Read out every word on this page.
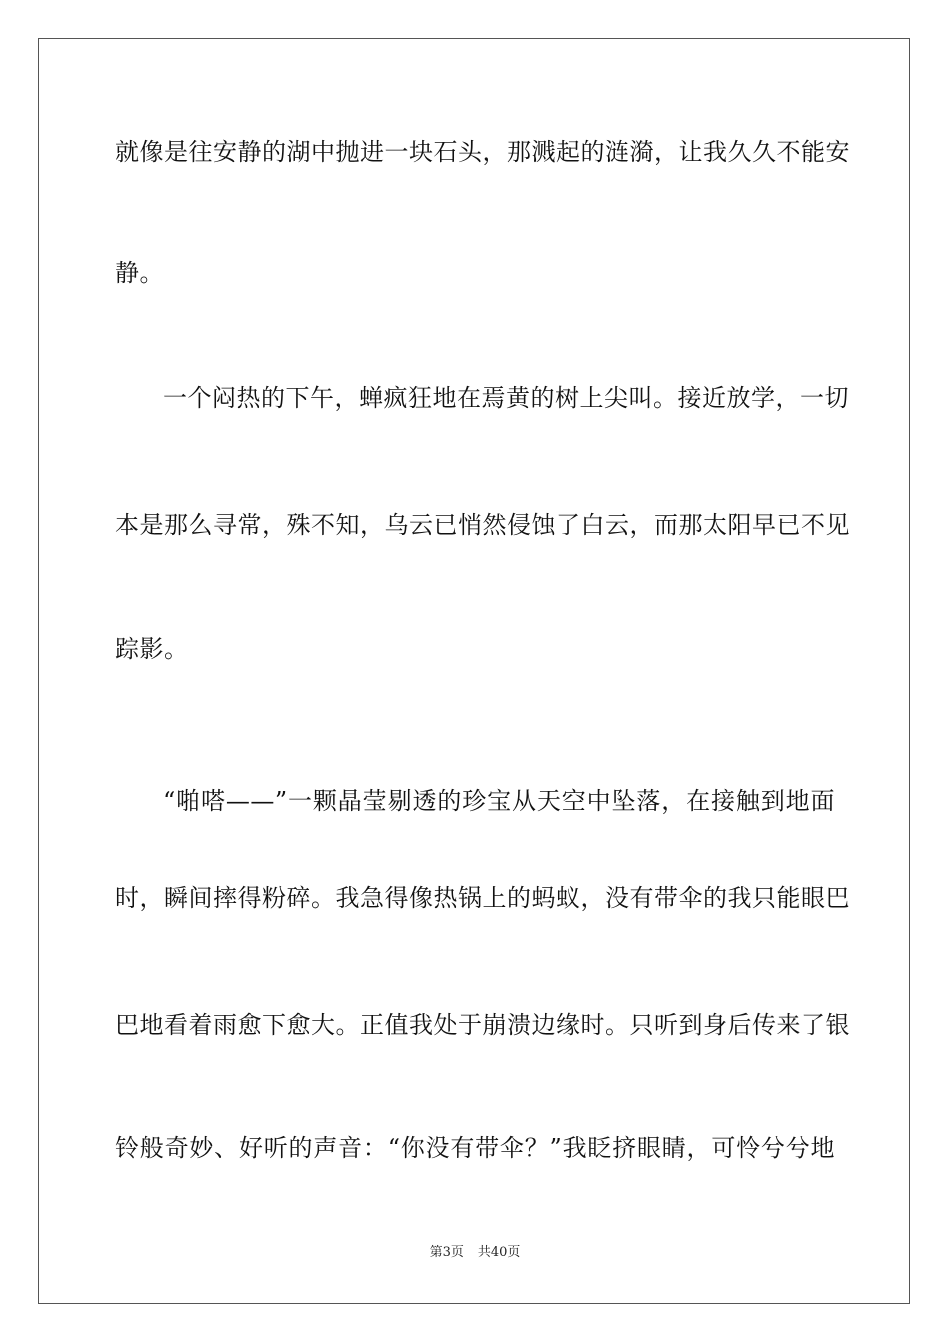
就像是往安静的湖中抛进一块石头，那溅起的涟漪，让我久久不能安
静。
一个闷热的下午，蝉疯狂地在焉黄的树上尖叫。接近放学，一切
本是那么寻常，殊不知，乌云已悄然侵蚀了白云，而那太阳早已不见
踪影。
“啪嗒——”一颗晶莹剔透的珍宝从天空中坠落，在接触到地面
时，瞬间摔得粉碎。我急得像热锅上的蚂蚁，没有带伞的我只能眼巴
巴地看着雨愈下愈大。正值我处于崩溃边缘时。只听到身后传来了银
铃般奇妙、好听的声音：“你没有带伞？”我眨挤眼睛，可怜兮兮地
第3页 共40页
